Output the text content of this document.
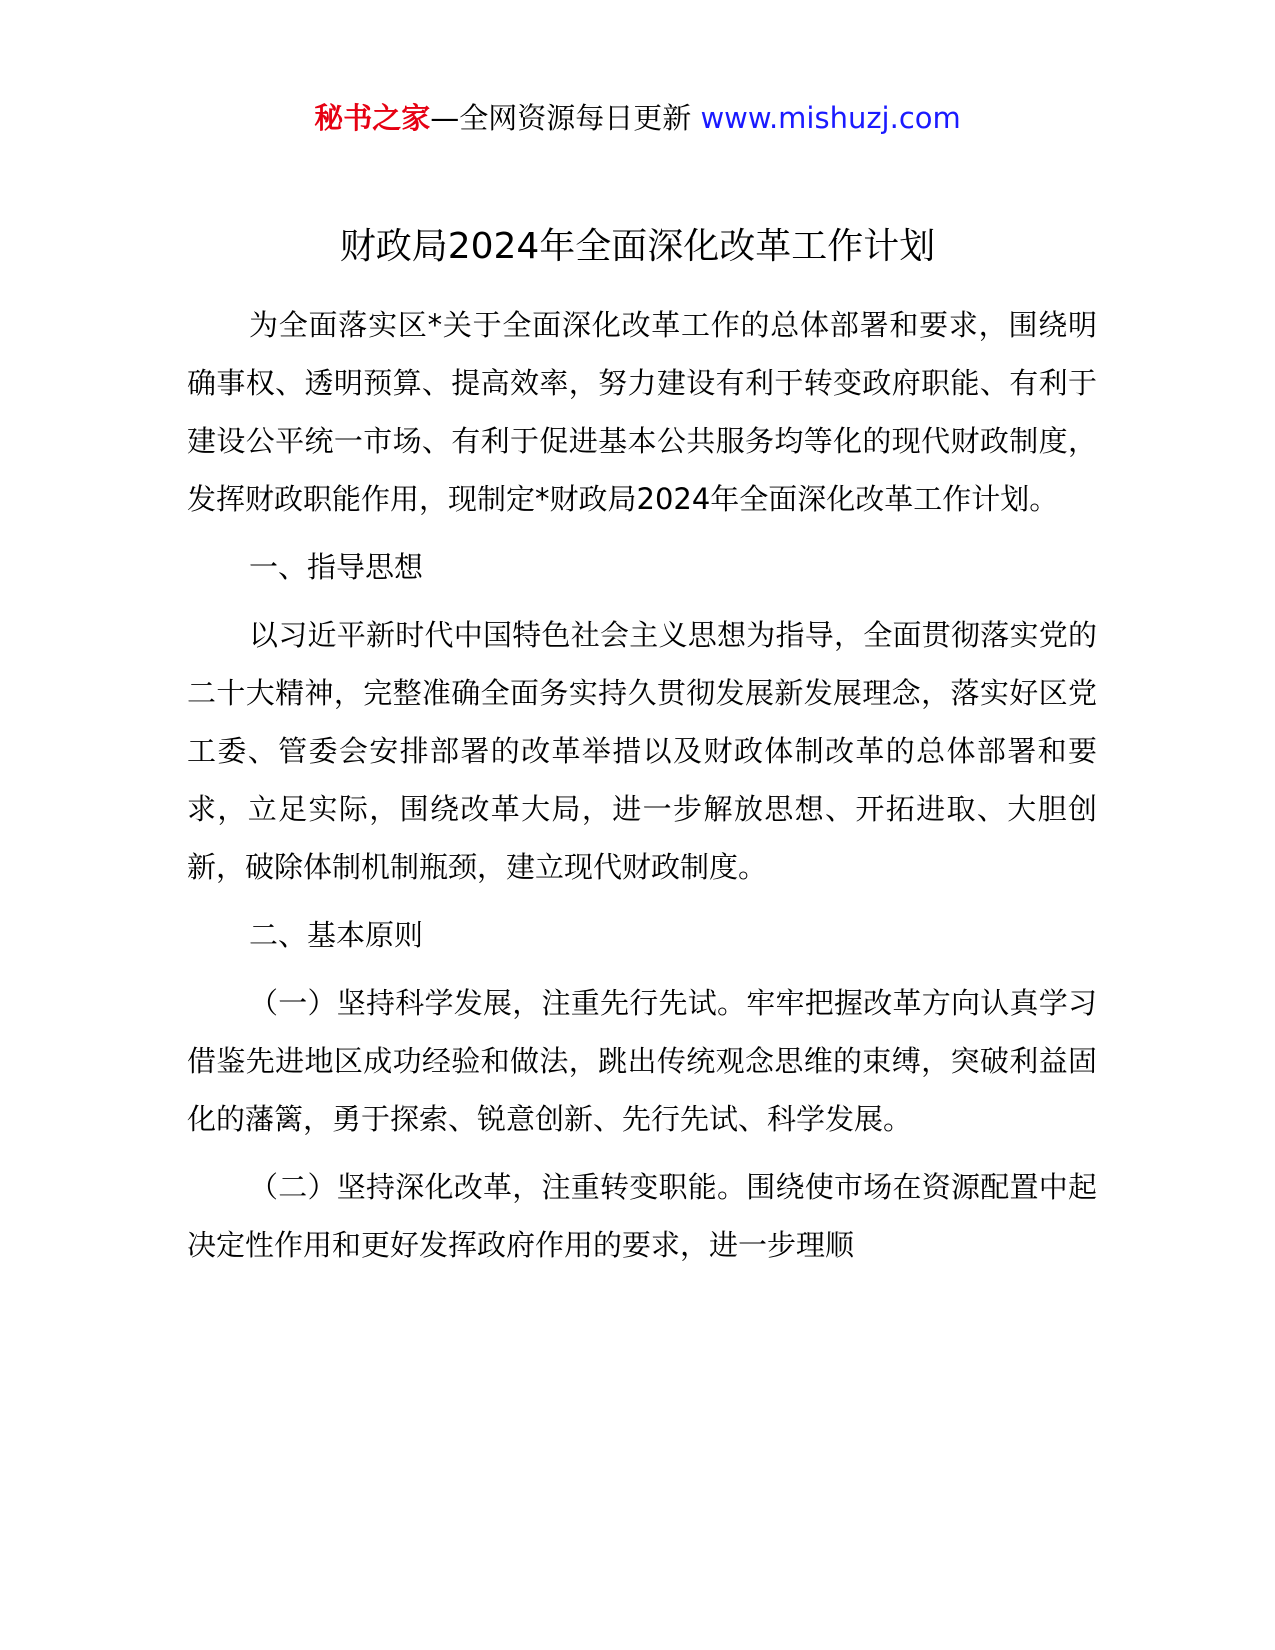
秘书之家—全网资源每日更新 www.mishuzj.com
财政局2024年全面深化改革工作计划

为全面落实区*关于全面深化改革工作的总体部署和要求，围绕明确事权、透明预算、提高效率，努力建设有利于转变政府职能、有利于建设公平统一市场、有利于促进基本公共服务均等化的现代财政制度，发挥财政职能作用，现制定*财政局2024年全面深化改革工作计划。

一、指导思想

以习近平新时代中国特色社会主义思想为指导，全面贯彻落实党的二十大精神，完整准确全面务实持久贯彻发展新发展理念，落实好区党工委、管委会安排部署的改革举措以及财政体制改革的总体部署和要求，立足实际，围绕改革大局，进一步解放思想、开拓进取、大胆创新，破除体制机制瓶颈，建立现代财政制度。

二、基本原则

（一）坚持科学发展，注重先行先试。牢牢把握改革方向认真学习借鉴先进地区成功经验和做法，跳出传统观念思维的束缚，突破利益固化的藩篱，勇于探索、锐意创新、先行先试、科学发展。

（二）坚持深化改革，注重转变职能。围绕使市场在资源配置中起决定性作用和更好发挥政府作用的要求，进一步理顺
